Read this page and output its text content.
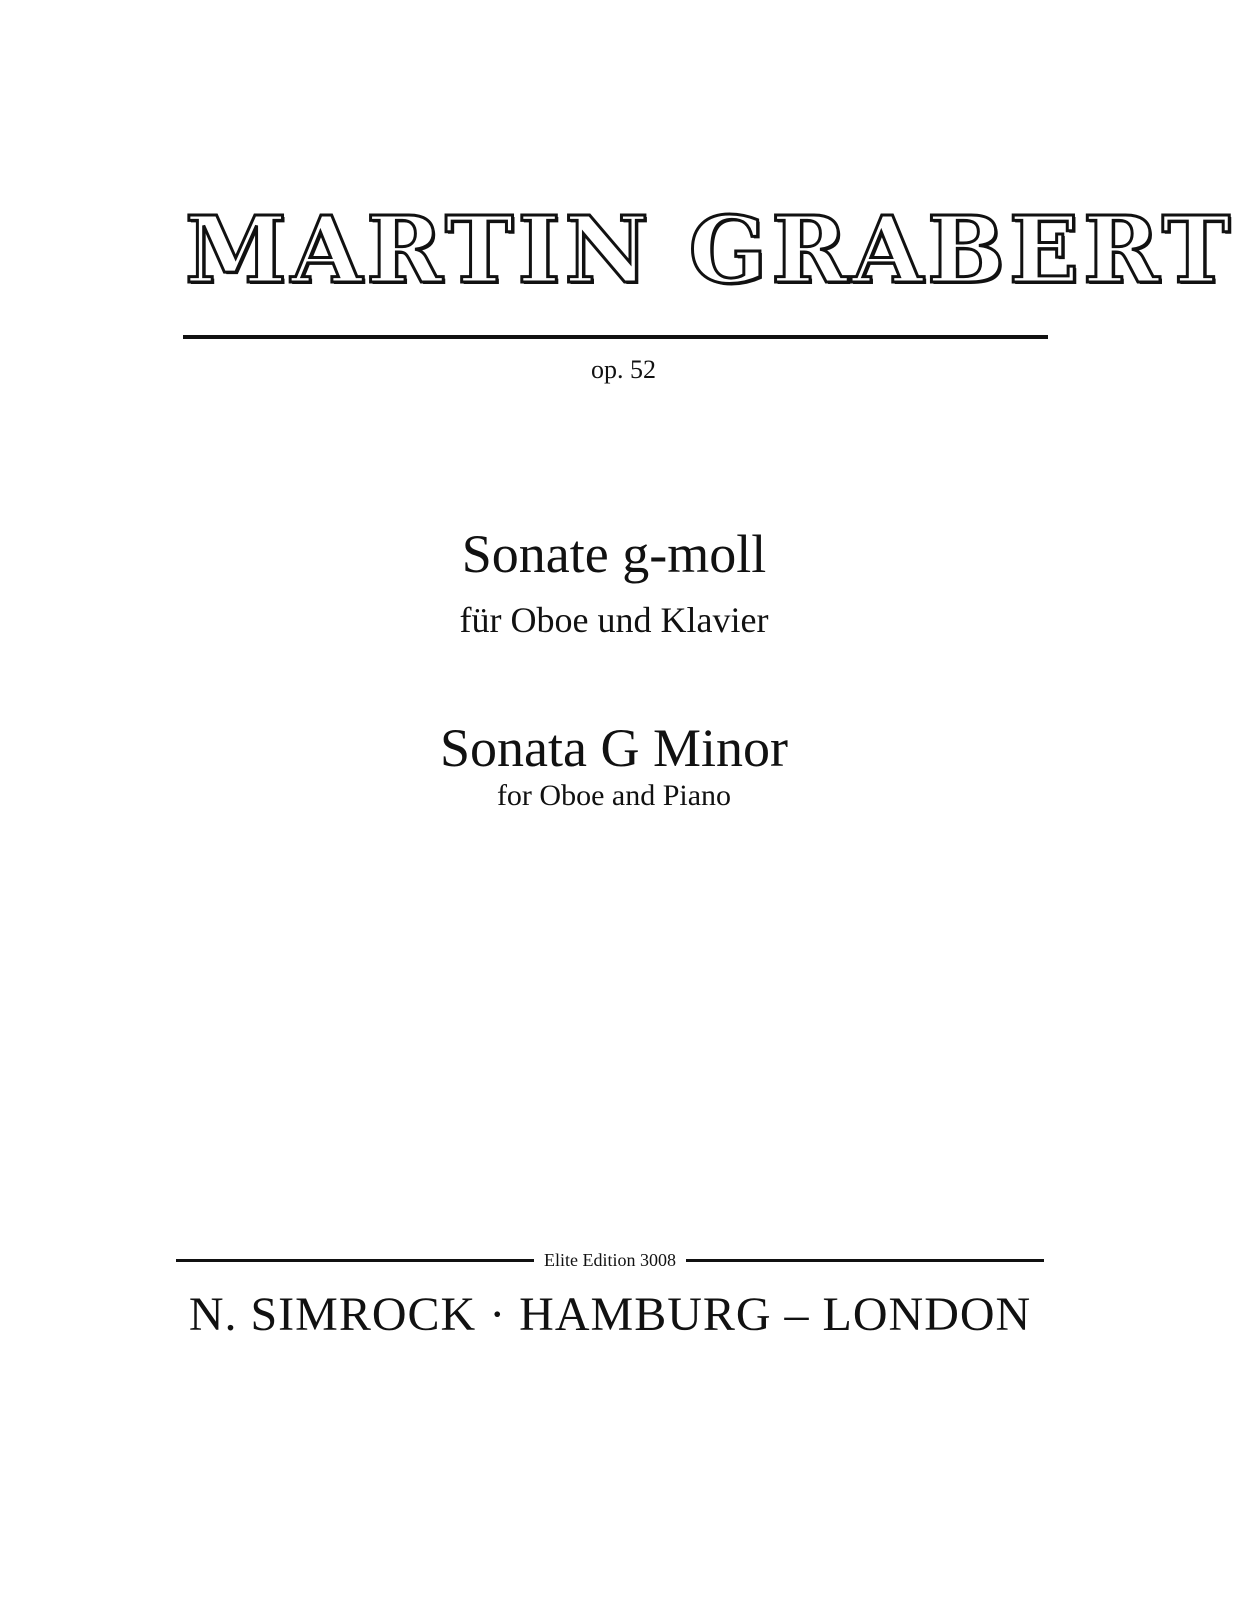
MARTIN GRABERT
op. 52
Sonate g-moll
für Oboe und Klavier
Sonata G Minor
for Oboe and Piano
Elite Edition 3008
N. SIMROCK · HAMBURG – LONDON
